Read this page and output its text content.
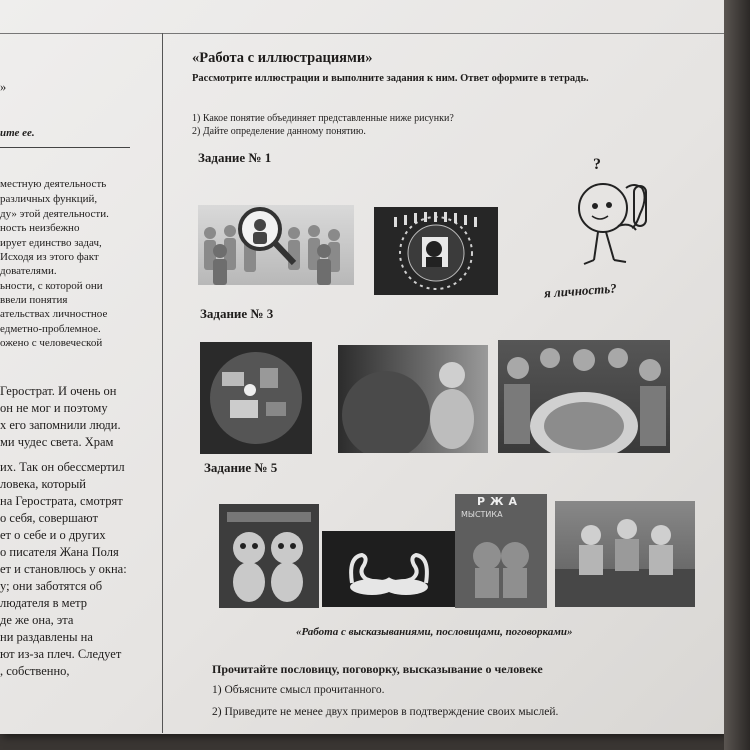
»
ите ее.
местную деятельность
различных функций,
ду» этой деятельности.
ность неизбежно
ирует единство задач,
Исходя из этого факт
дователями.
ьности, с которой они
ввели понятия
ательствах личностное
едметно-проблемное.
ожено с человеческой
Герострат. И очень он
он не мог и поэтому
х его запомнили люди.
ми чудес света. Храм
их. Так он обессмертил
ловека, который
на Герострата, смотрят
о себя, совершают
ет о себе и о других
о писателя Жана Поля
ет и становлюсь у окна:
у; они заботятся об
людателя в метр
де же она, эта
ни раздавлены на
ют из-за плеч. Следует
, собственно,
«Работа с иллюстрациями»
Рассмотрите иллюстрации и выполните задания к ним. Ответ оформите в тетрадь.
1) Какое понятие объединяет представленные ниже рисунки?
2) Дайте определение данному понятию.
Задание № 1
Задание № 3
Задание № 5
?
я личность?
РЖА
МЫСТИКА
«Работа с высказываниями, пословицами, поговорками»
Прочитайте пословицу, поговорку, высказывание о человеке
1) Объясните смысл прочитанного.
2) Приведите не менее двух примеров в подтверждение своих мыслей.
